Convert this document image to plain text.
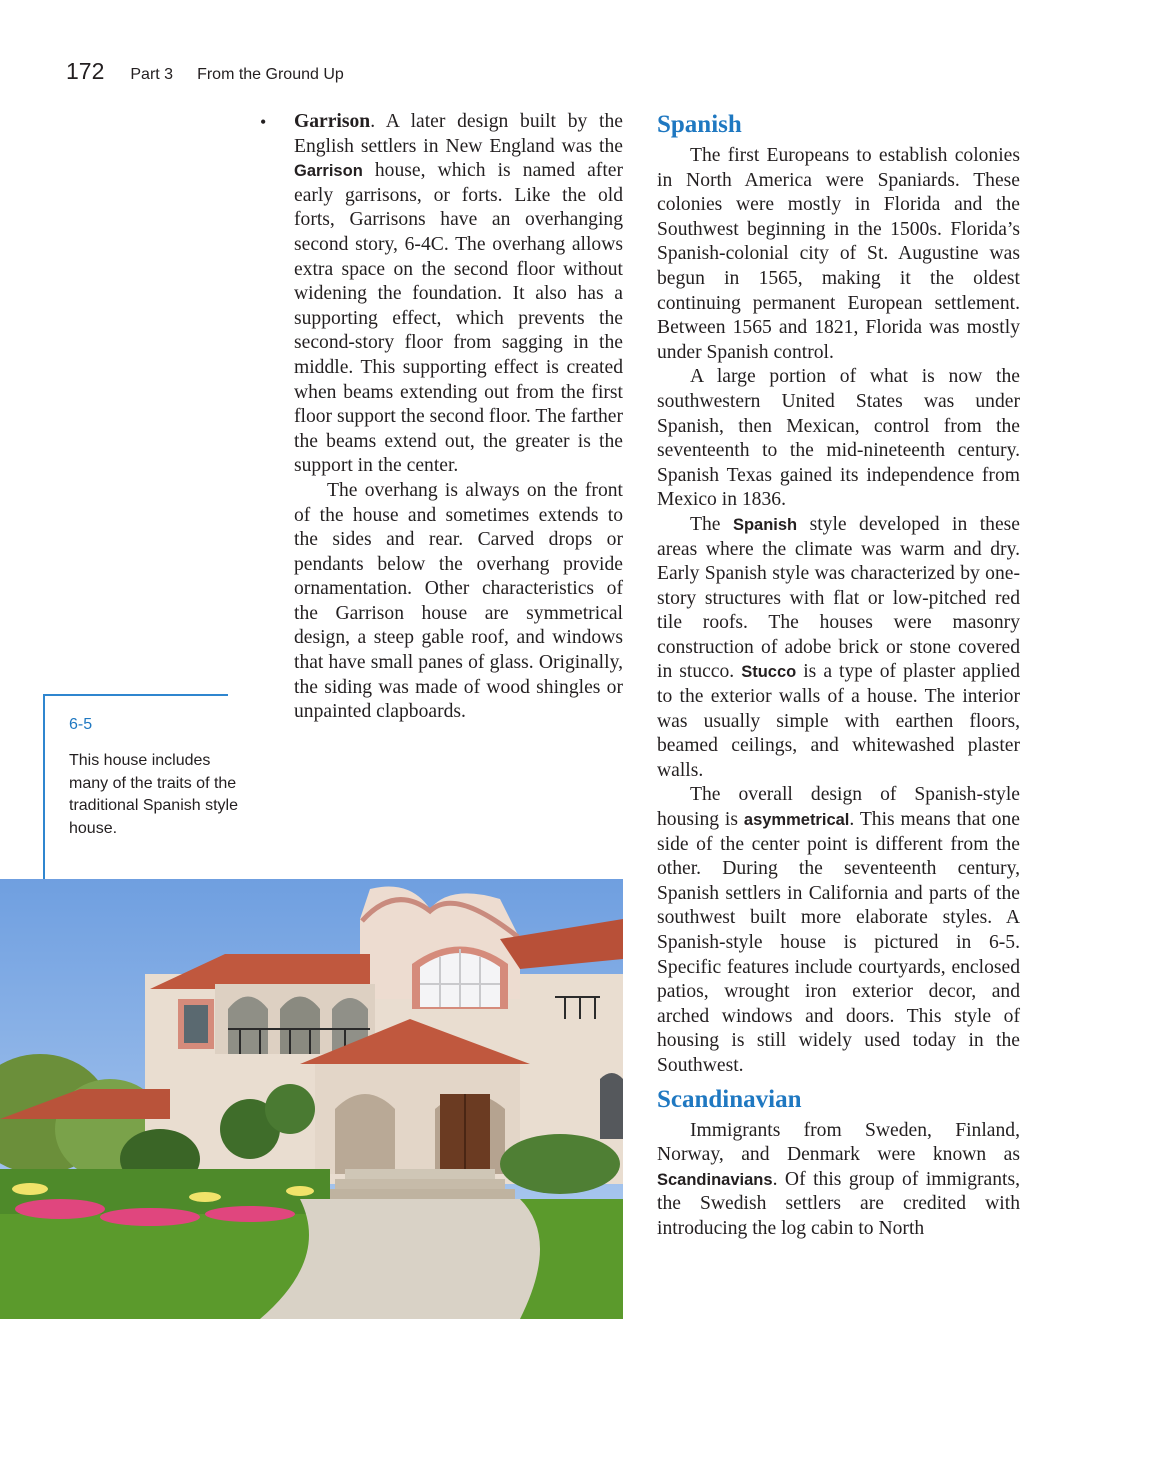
172 Part 3 From the Ground Up
• Garrison. A later design built by the English settlers in New England was the Garrison house, which is named after early garrisons, or forts. Like the old forts, Garrisons have an overhanging second story, 6-4C. The overhang allows extra space on the second floor without widening the foundation. It also has a supporting effect, which prevents the second-story floor from sagging in the middle. This supporting effect is created when beams extending out from the first floor support the second floor. The farther the beams extend out, the greater is the support in the center.

The overhang is always on the front of the house and sometimes extends to the sides and rear. Carved drops or pendants below the overhang provide ornamentation. Other characteristics of the Garrison house are symmetrical design, a steep gable roof, and windows that have small panes of glass. Originally, the siding was made of wood shingles or unpainted clapboards.

6-5
This house includes many of the traits of the traditional Spanish style house.
Spanish

The first Europeans to establish colonies in North America were Spaniards. These colonies were mostly in Florida and the Southwest beginning in the 1500s. Florida’s Spanish-colonial city of St. Augustine was begun in 1565, making it the oldest continuing permanent European settlement. Between 1565 and 1821, Florida was mostly under Spanish control.

A large portion of what is now the southwestern United States was under Spanish, then Mexican, control from the seventeenth to the mid-nineteenth century. Spanish Texas gained its independence from Mexico in 1836.

The Spanish style developed in these areas where the climate was warm and dry. Early Spanish style was characterized by one-story structures with flat or low-pitched red tile roofs. The houses were masonry construction of adobe brick or stone covered in stucco. Stucco is a type of plaster applied to the exterior walls of a house. The interior was usually simple with earthen floors, beamed ceilings, and whitewashed plaster walls.

The overall design of Spanish-style housing is asymmetrical. This means that one side of the center point is different from the other. During the seventeenth century, Spanish settlers in California and parts of the southwest built more elaborate styles. A Spanish-style house is pictured in 6-5. Specific features include courtyards, enclosed patios, wrought iron exterior decor, and arched windows and doors. This style of housing is still widely used today in the Southwest.

Scandinavian

Immigrants from Sweden, Finland, Norway, and Denmark were known as Scandinavians. Of this group of immigrants, the Swedish settlers are credited with introducing the log cabin to North
